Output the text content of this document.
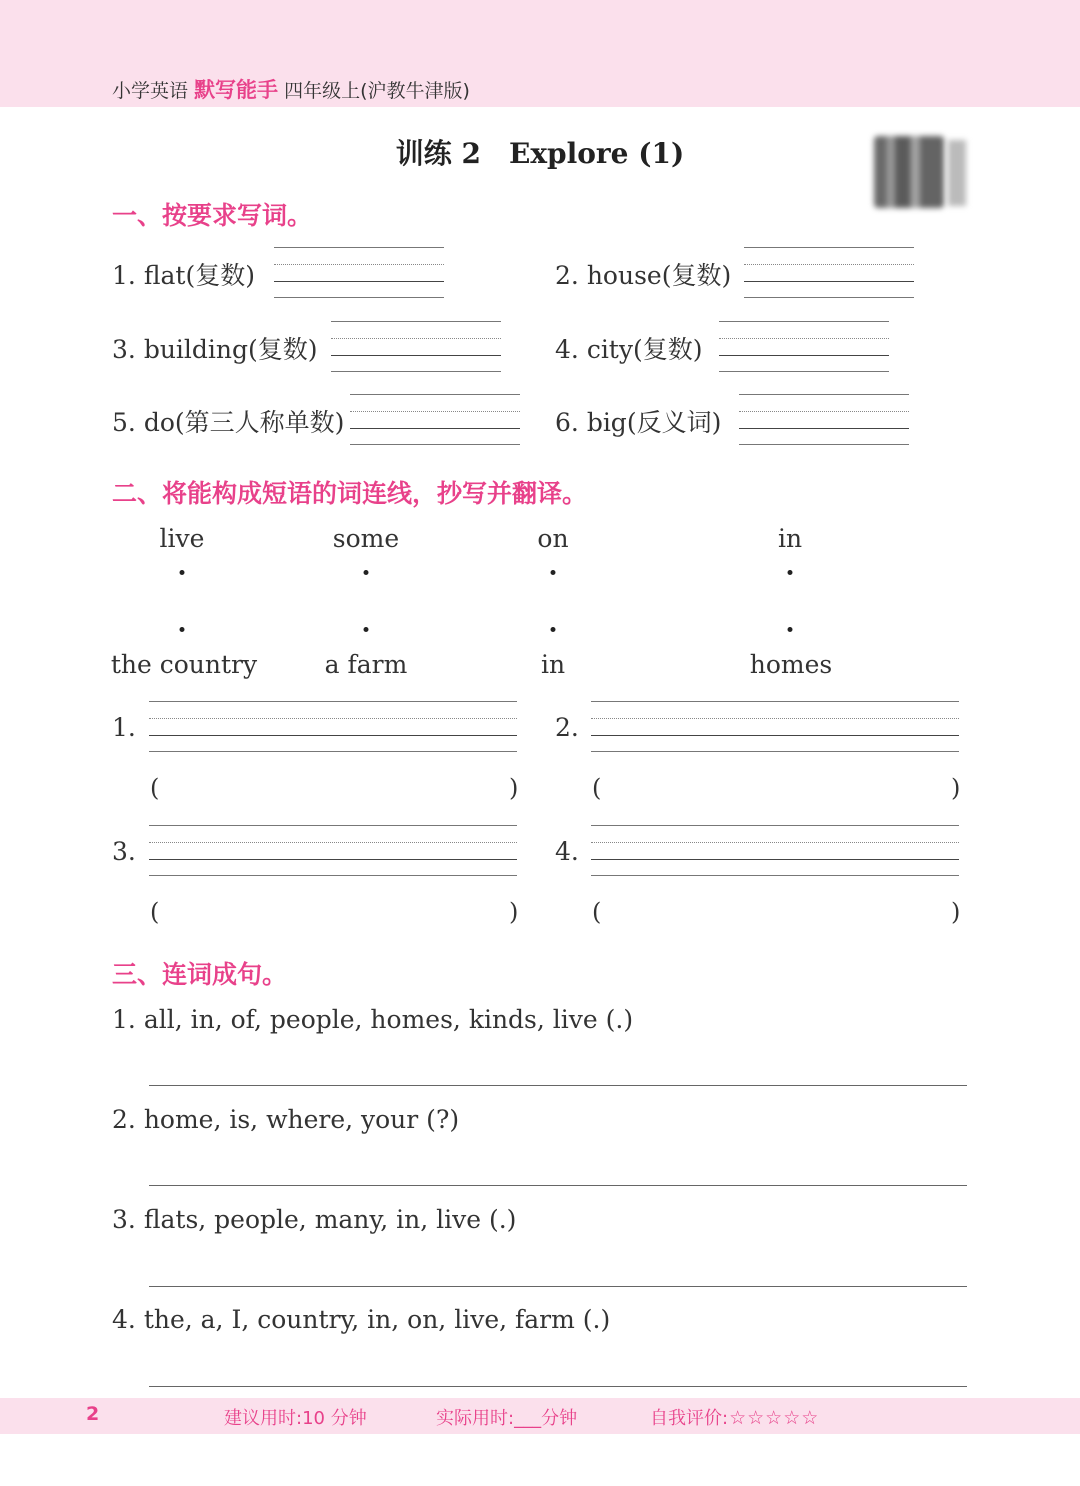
小学英语 默写能手 四年级上(沪教牛津版)
训练 2　Explore (1)
一、按要求写词。
1. flat(复数)	2. house(复数)
3. building(复数)	4. city(复数)
5. do(第三人称单数)	6. big(反义词)
二、将能构成短语的词连线，抄写并翻译。
live	some	on	in
the country	a farm	in	homes
1.
(	)
2.
(	)
3.
(	)
4.
(	)
三、连词成句。
1. all, in, of, people, homes, kinds, live (.)
2. home, is, where, your (?)
3. flats, people, many, in, live (.)
4. the, a, I, country, in, on, live, farm (.)
2	建议用时:10 分钟	实际用时:___分钟	自我评价:☆☆☆☆☆
